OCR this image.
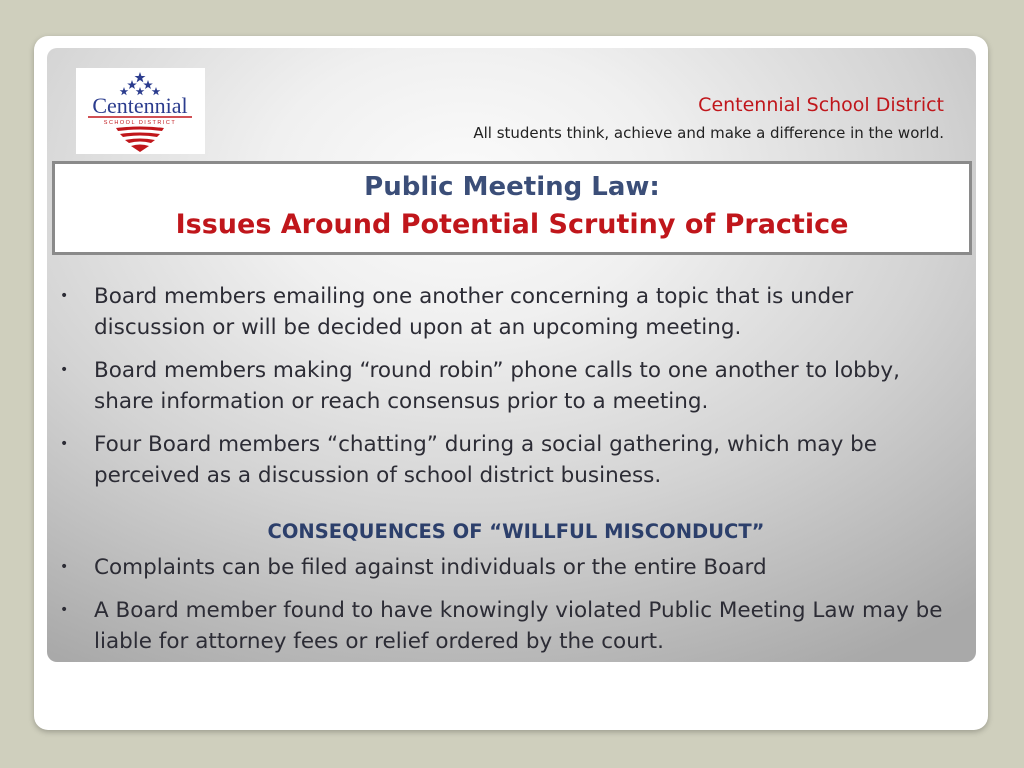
Centennial
SCHOOL DISTRICT
Centennial School District
All students think, achieve and make a difference in the world.
Public Meeting Law:
Issues Around Potential Scrutiny of Practice
• Board members emailing one another concerning a topic that is under discussion or will be decided upon at an upcoming meeting.
• Board members making “round robin” phone calls to one another to lobby, share information or reach consensus prior to a meeting.
• Four Board members “chatting” during a social gathering, which may be perceived as a discussion of school district business.
CONSEQUENCES OF “WILLFUL MISCONDUCT”
• Complaints can be filed against individuals or the entire Board
• A Board member found to have knowingly violated Public Meeting Law may be liable for attorney fees or relief ordered by the court.
